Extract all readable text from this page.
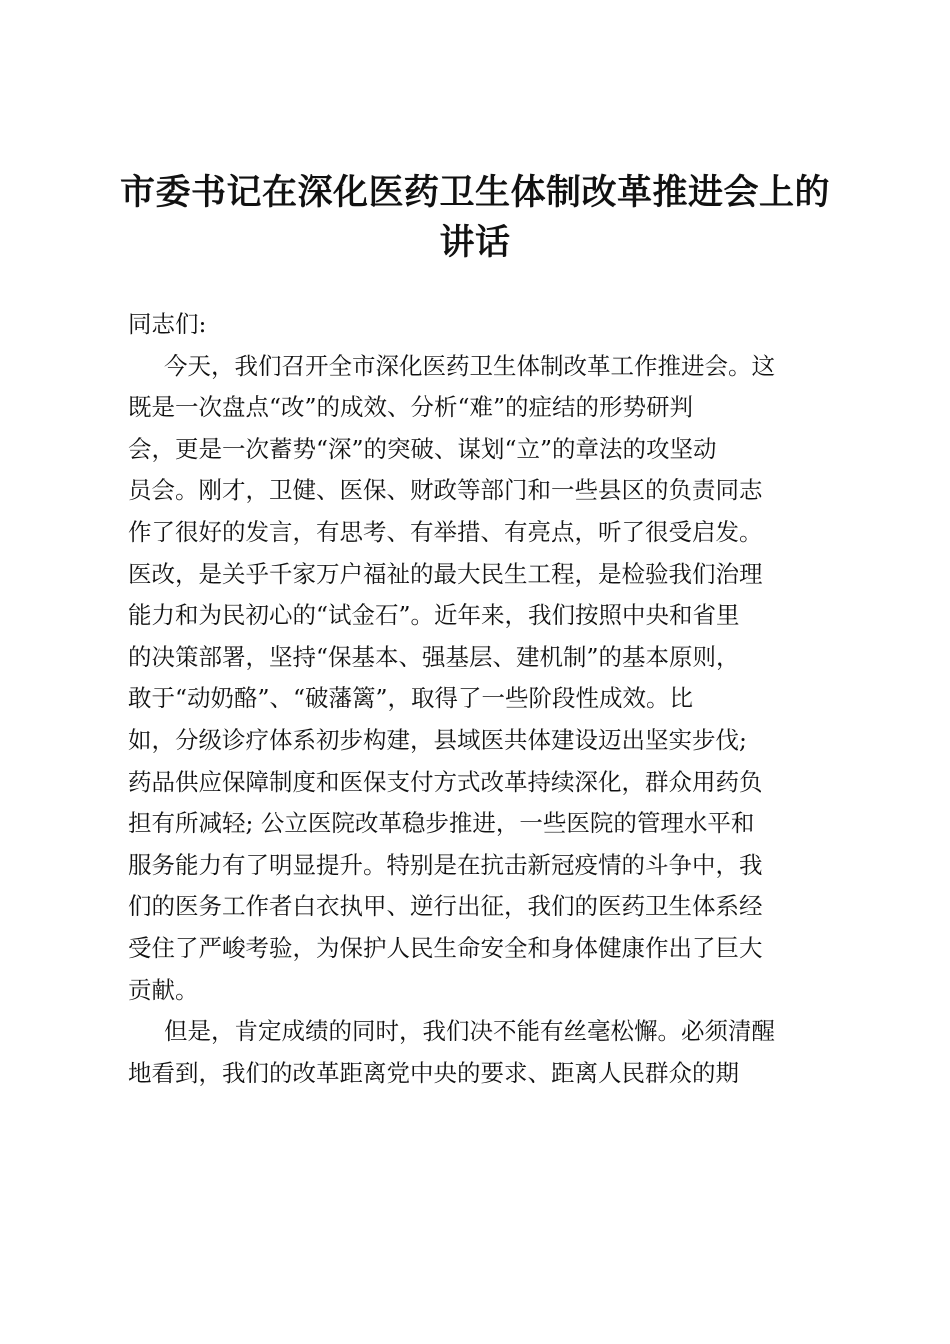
市委书记在深化医药卫生体制改革推进会上的
讲话
同志们:
今天，我们召开全市深化医药卫生体制改革工作推进会。这
既是一次盘点“改”的成效、分析“难”的症结的形势研判
会，更是一次蓄势“深”的突破、谋划“立”的章法的攻坚动
员会。刚才，卫健、医保、财政等部门和一些县区的负责同志
作了很好的发言，有思考、有举措、有亮点，听了很受启发。
医改，是关乎千家万户福祉的最大民生工程，是检验我们治理
能力和为民初心的“试金石”。近年来，我们按照中央和省里
的决策部署，坚持“保基本、强基层、建机制”的基本原则，
敢于“动奶酪”、“破藩篱”，取得了一些阶段性成效。比
如，分级诊疗体系初步构建，县域医共体建设迈出坚实步伐;
药品供应保障制度和医保支付方式改革持续深化，群众用药负
担有所减轻; 公立医院改革稳步推进，一些医院的管理水平和
服务能力有了明显提升。特别是在抗击新冠疫情的斗争中，我
们的医务工作者白衣执甲、逆行出征，我们的医药卫生体系经
受住了严峻考验，为保护人民生命安全和身体健康作出了巨大
贡献。
但是，肯定成绩的同时，我们决不能有丝毫松懈。必须清醒
地看到，我们的改革距离党中央的要求、距离人民群众的期
